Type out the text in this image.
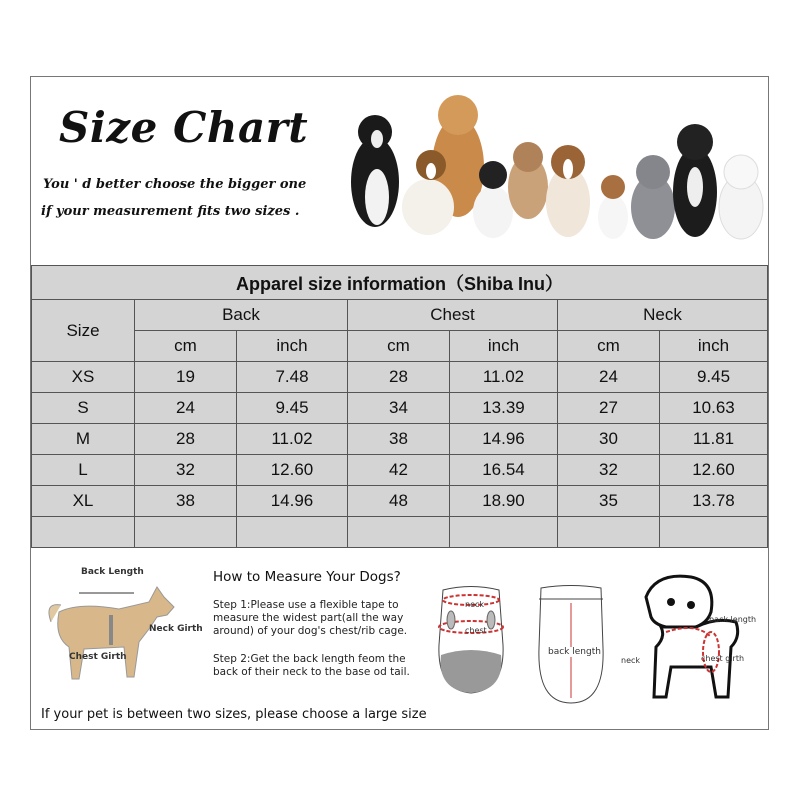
Size Chart
You ' d better choose the bigger one
if your measurement fits two sizes .
Apparel size information（Shiba Inu）						
Size	Back		Chest		Neck	
	cm	inch	cm	inch	cm	inch
XS	19	7.48	28	11.02	24	9.45
S	24	9.45	34	13.39	27	10.63
M	28	11.02	38	14.96	30	11.81
L	32	12.60	42	16.54	32	12.60
XL	38	14.96	48	18.90	35	13.78

Back Length
Neck Girth
Chest Girth
How to Measure Your Dogs?
Step 1:Please use a flexible tape to measure the widest part(all the way around) of your dog's chest/rib cage.
Step 2:Get the back length feom the back of their neck to the base od tail.
If your pet is between two sizes, please choose a large size
neck
chest
back length
back length
neck	chest girth
